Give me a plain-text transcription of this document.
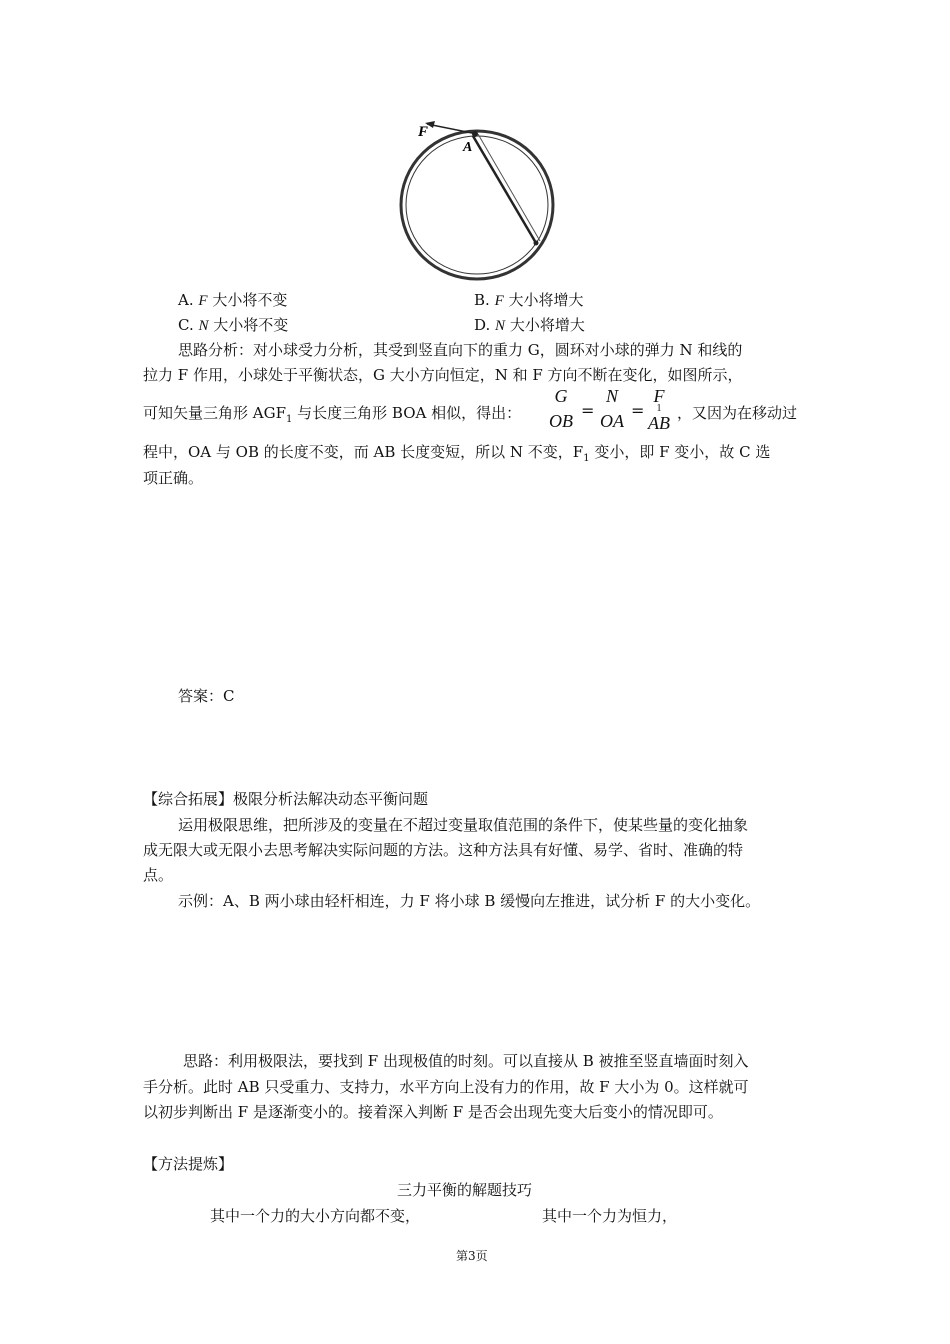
F
A
A. F 大小将不变	B. F 大小将增大
C. N 大小将不变	D. N 大小将增大
思路分析：对小球受力分析，其受到竖直向下的重力 G，圆环对小球的弹力 N 和线的
拉力 F 作用，小球处于平衡状态，G 大小方向恒定，N 和 F 方向不断在变化，如图所示，
可知矢量三角形 $AGF_1$ 与长度三角形 BOA 相似，得出：
G
OB
=
N
OA
=
F
1
AB ，又因为在移动过
程中，OA 与 OB 的长度不变，而 AB 长度变短，所以 N 不变，$F_1$ 变小，即 F 变小，故 C 选
项正确。
答案：C
【综合拓展】极限分析法解决动态平衡问题
运用极限思维，把所涉及的变量在不超过变量取值范围的条件下，使某些量的变化抽象
成无限大或无限小去思考解决实际问题的方法。这种方法具有好懂、易学、省时、准确的特
点。
示例：A、B 两小球由轻杆相连，力 F 将小球 B 缓慢向左推进，试分析 F 的大小变化。
思路：利用极限法，要找到 F 出现极值的时刻。可以直接从 B 被推至竖直墙面时刻入
手分析。此时 AB 只受重力、支持力，水平方向上没有力的作用，故 F 大小为 0。这样就可
以初步判断出 F 是逐渐变小的。接着深入判断 F 是否会出现先变大后变小的情况即可。
【方法提炼】
三力平衡的解题技巧
其中一个力的大小方向都不变，	其中一个力为恒力，
第3页
